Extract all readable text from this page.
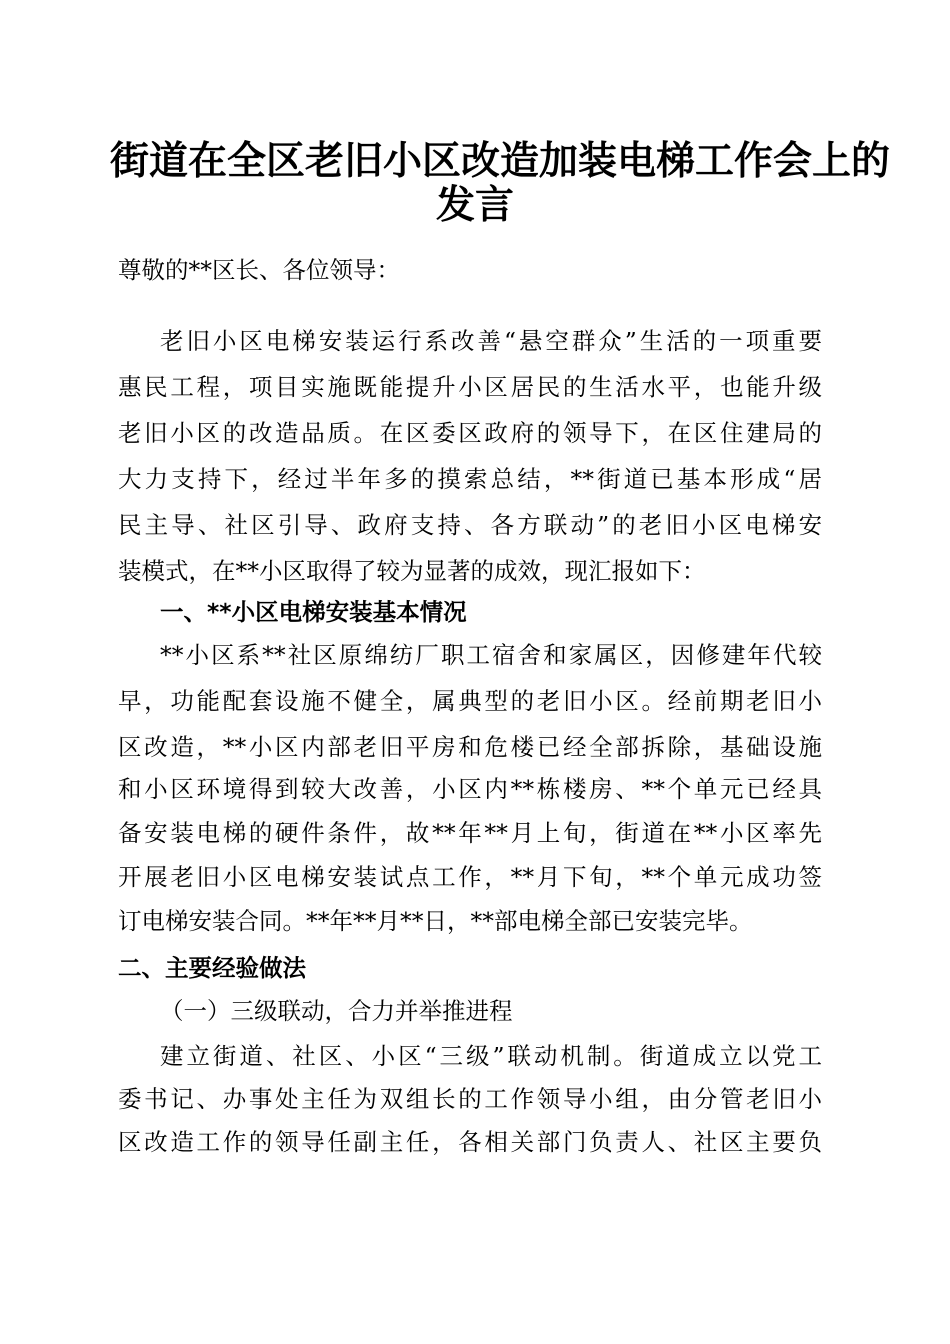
街道在全区老旧小区改造加装电梯工作会上的
发言
尊敬的**区长、各位领导：
老旧小区电梯安装运行系改善“悬空群众”生活的一项重要
惠民工程，项目实施既能提升小区居民的生活水平，也能升级
老旧小区的改造品质。在区委区政府的领导下，在区住建局的
大力支持下，经过半年多的摸索总结，**街道已基本形成“居
民主导、社区引导、政府支持、各方联动”的老旧小区电梯安
装模式，在**小区取得了较为显著的成效，现汇报如下：
一、**小区电梯安装基本情况
**小区系**社区原绵纺厂职工宿舍和家属区，因修建年代较
早，功能配套设施不健全，属典型的老旧小区。经前期老旧小
区改造，**小区内部老旧平房和危楼已经全部拆除，基础设施
和小区环境得到较大改善，小区内**栋楼房、**个单元已经具
备安装电梯的硬件条件，故**年**月上旬，街道在**小区率先
开展老旧小区电梯安装试点工作，**月下旬，**个单元成功签
订电梯安装合同。**年**月**日，**部电梯全部已安装完毕。
二、主要经验做法
（一）三级联动，合力并举推进程
建立街道、社区、小区“三级”联动机制。街道成立以党工
委书记、办事处主任为双组长的工作领导小组，由分管老旧小
区改造工作的领导任副主任，各相关部门负责人、社区主要负
